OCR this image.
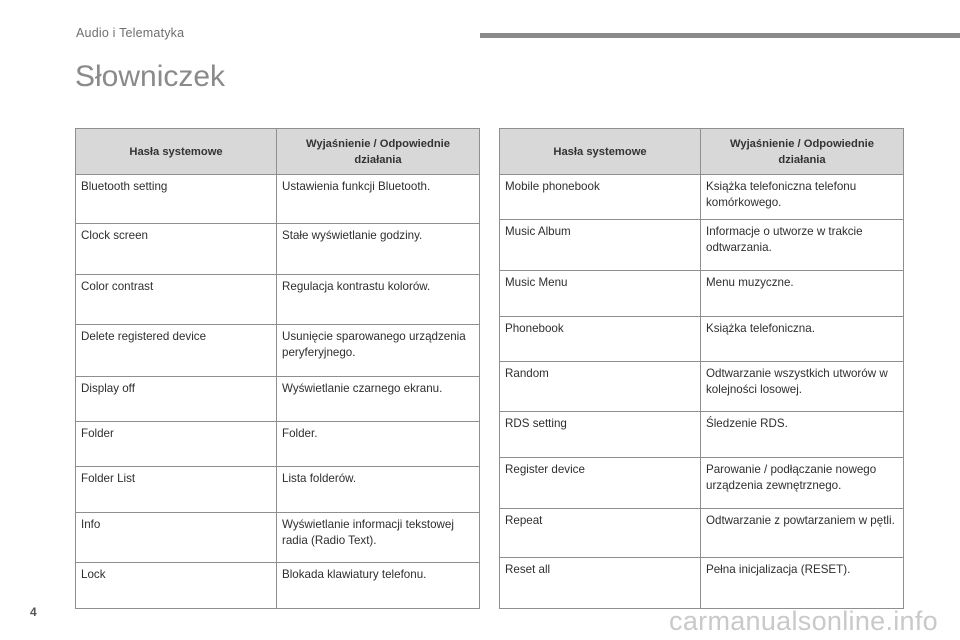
Audio i Telematyka
Słowniczek
Hasła systemowe	Wyjaśnienie / Odpowiednie działania

Bluetooth setting	Ustawienia funkcji Bluetooth.

Clock screen	Stałe wyświetlanie godziny.

Color contrast	Regulacja kontrastu kolorów.

Delete registered device	Usunięcie sparowanego urządzenia peryferyjnego.

Display off	Wyświetlanie czarnego ekranu.

Folder	Folder.

Folder List	Lista folderów.

Info	Wyświetlanie informacji tekstowej radia (Radio Text).

Lock	Blokada klawiatury telefonu.
Hasła systemowe	Wyjaśnienie / Odpowiednie działania

Mobile phonebook	Książka telefoniczna telefonu komórkowego.

Music Album	Informacje o utworze w trakcie odtwarzania.

Music Menu	Menu muzyczne.

Phonebook	Książka telefoniczna.

Random	Odtwarzanie wszystkich utworów w kolejności losowej.

RDS setting	Śledzenie RDS.

Register device	Parowanie / podłączanie nowego urządzenia zewnętrznego.

Repeat	Odtwarzanie z powtarzaniem w pętli.

Reset all	Pełna inicjalizacja (RESET).
4	carmanualsonline.info
